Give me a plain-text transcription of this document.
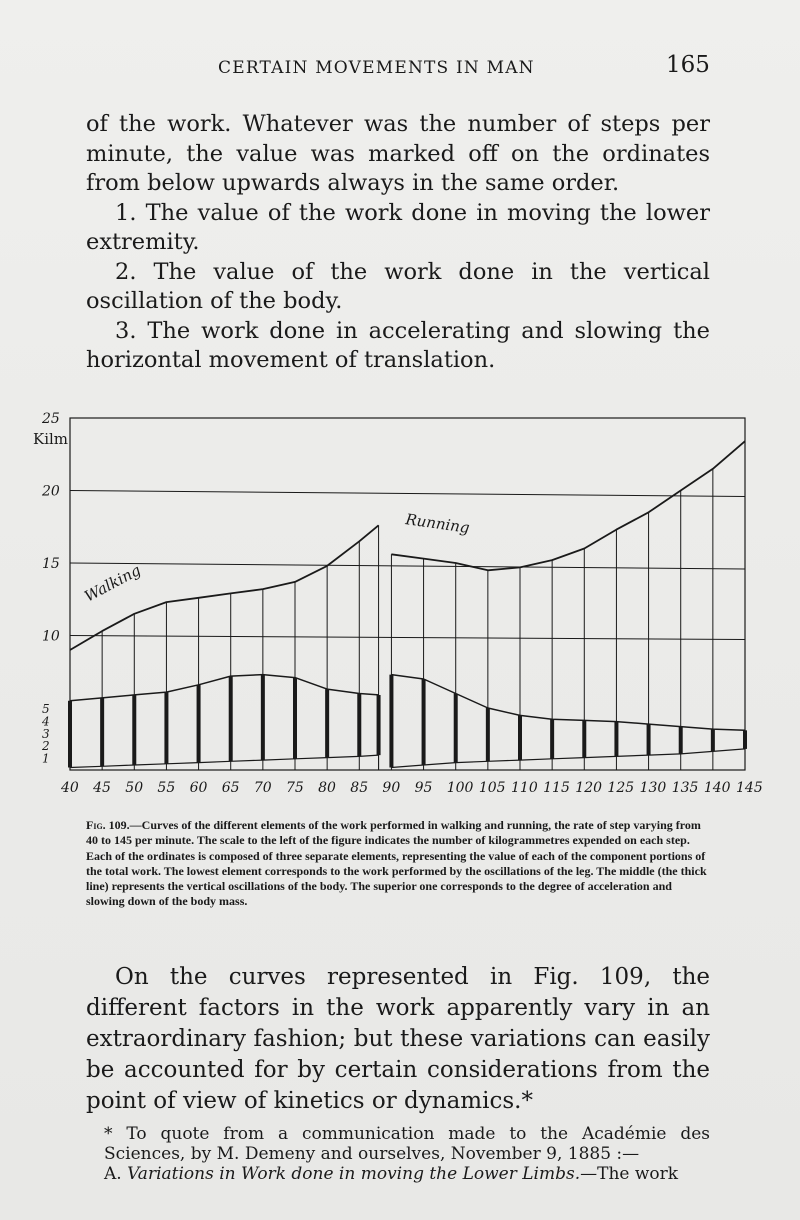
CERTAIN MOVEMENTS IN MAN	165

of the work. Whatever was the number of steps per minute, the value was marked off on the ordinates from below upwards always in the same order.

1. The value of the work done in moving the lower extremity.

2. The value of the work done in the vertical oscillation of the body.

3. The work done in accelerating and slowing the horizontal movement of translation.

1
2
3
4
5
10
15
20
25
Kilm
40 45 50 55 60 65 70 75 80 85 90 95 100 105 110 115 120 125 130 135 140 145
Walking
Running

Fig. 109.—Curves of the different elements of the work performed in walking and running, the rate of step varying from 40 to 145 per minute. The scale to the left of the figure indicates the number of kilogrammetres expended on each step. Each of the ordinates is composed of three separate elements, representing the value of each of the component portions of the total work. The lowest element corresponds to the work performed by the oscillations of the leg. The middle (the thick line) represents the vertical oscillations of the body. The superior one corresponds to the degree of acceleration and slowing down of the body mass.

On the curves represented in Fig. 109, the different factors in the work apparently vary in an extraordinary fashion; but these variations can easily be accounted for by certain considerations from the point of view of kinetics or dynamics.*

* To quote from a communication made to the Académie des Sciences, by M. Demeny and ourselves, November 9, 1885 :—

A. Variations in Work done in moving the Lower Limbs.—The work
